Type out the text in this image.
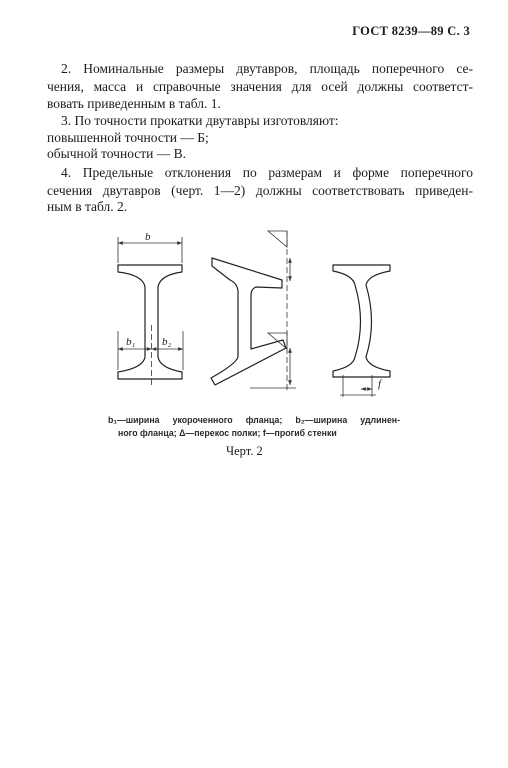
ГОСТ 8239—89 С. 3
2. Номинальные размеры двутавров, площадь поперечного се-
чения, масса и справочные значения для осей должны соответст-
вовать приведенным в табл. 1.
3. По точности прокатки двутавры изготовляют:
повышенной точности — Б;
обычной точности — В.
4. Предельные отклонения по размерам и форме поперечного
сечения двутавров (черт. 1—2) должны соответствовать приведен-
ным в табл. 2.
b
b₁ b₂
f
b₁—ширина укороченного фланца; b₂—ширина удлинен-
ного фланца; Δ—перекос полки; f—прогиб стенки
Черт. 2
